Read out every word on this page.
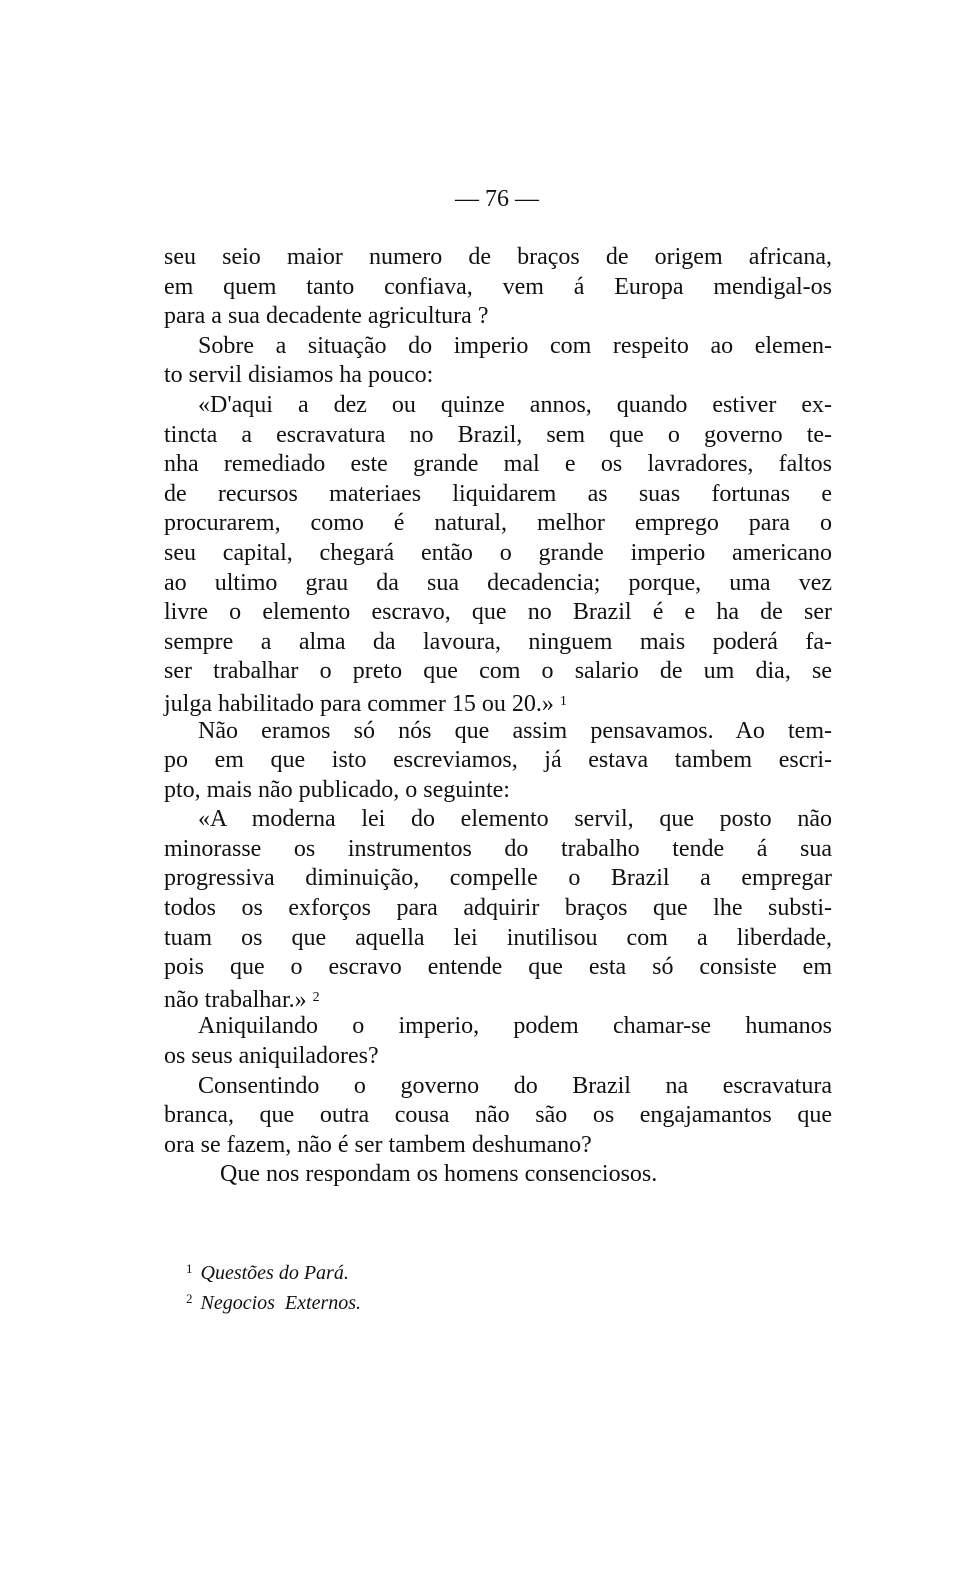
— 76 —
seu seio maior numero de braços de origem africana,
em quem tanto confiava, vem á Europa mendigal-os
para a sua decadente agricultura ?
Sobre a situação do imperio com respeito ao elemen-
to servil disiamos ha pouco:
«D'aqui a dez ou quinze annos, quando estiver ex-
tincta a escravatura no Brazil, sem que o governo te-
nha remediado este grande mal e os lavradores, faltos
de recursos materiaes liquidarem as suas fortunas e
procurarem, como é natural, melhor emprego para o
seu capital, chegará então o grande imperio americano
ao ultimo grau da sua decadencia; porque, uma vez
livre o elemento escravo, que no Brazil é e ha de ser
sempre a alma da lavoura, ninguem mais poderá fa-
ser trabalhar o preto que com o salario de um dia, se
julga habilitado para commer 15 ou 20.» $^1$
Não eramos só nós que assim pensavamos. Ao tem-
po em que isto escreviamos, já estava tambem escri-
pto, mais não publicado, o seguinte:
«A moderna lei do elemento servil, que posto não
minorasse os instrumentos do trabalho tende á sua
progressiva diminuição, compelle o Brazil a empregar
todos os exforços para adquirir braços que lhe substi-
tuam os que aquella lei inutilisou com a liberdade,
pois que o escravo entende que esta só consiste em
não trabalhar.» $^2$
Aniquilando o imperio, podem chamar-se humanos
os seus aniquiladores?
Consentindo o governo do Brazil na escravatura
branca, que outra cousa não são os engajamantos que
ora se fazem, não é ser tambem deshumano?
Que nos respondam os homens consenciosos.
$^1$ Questões do Pará.
$^2$ Negocios  Externos.
